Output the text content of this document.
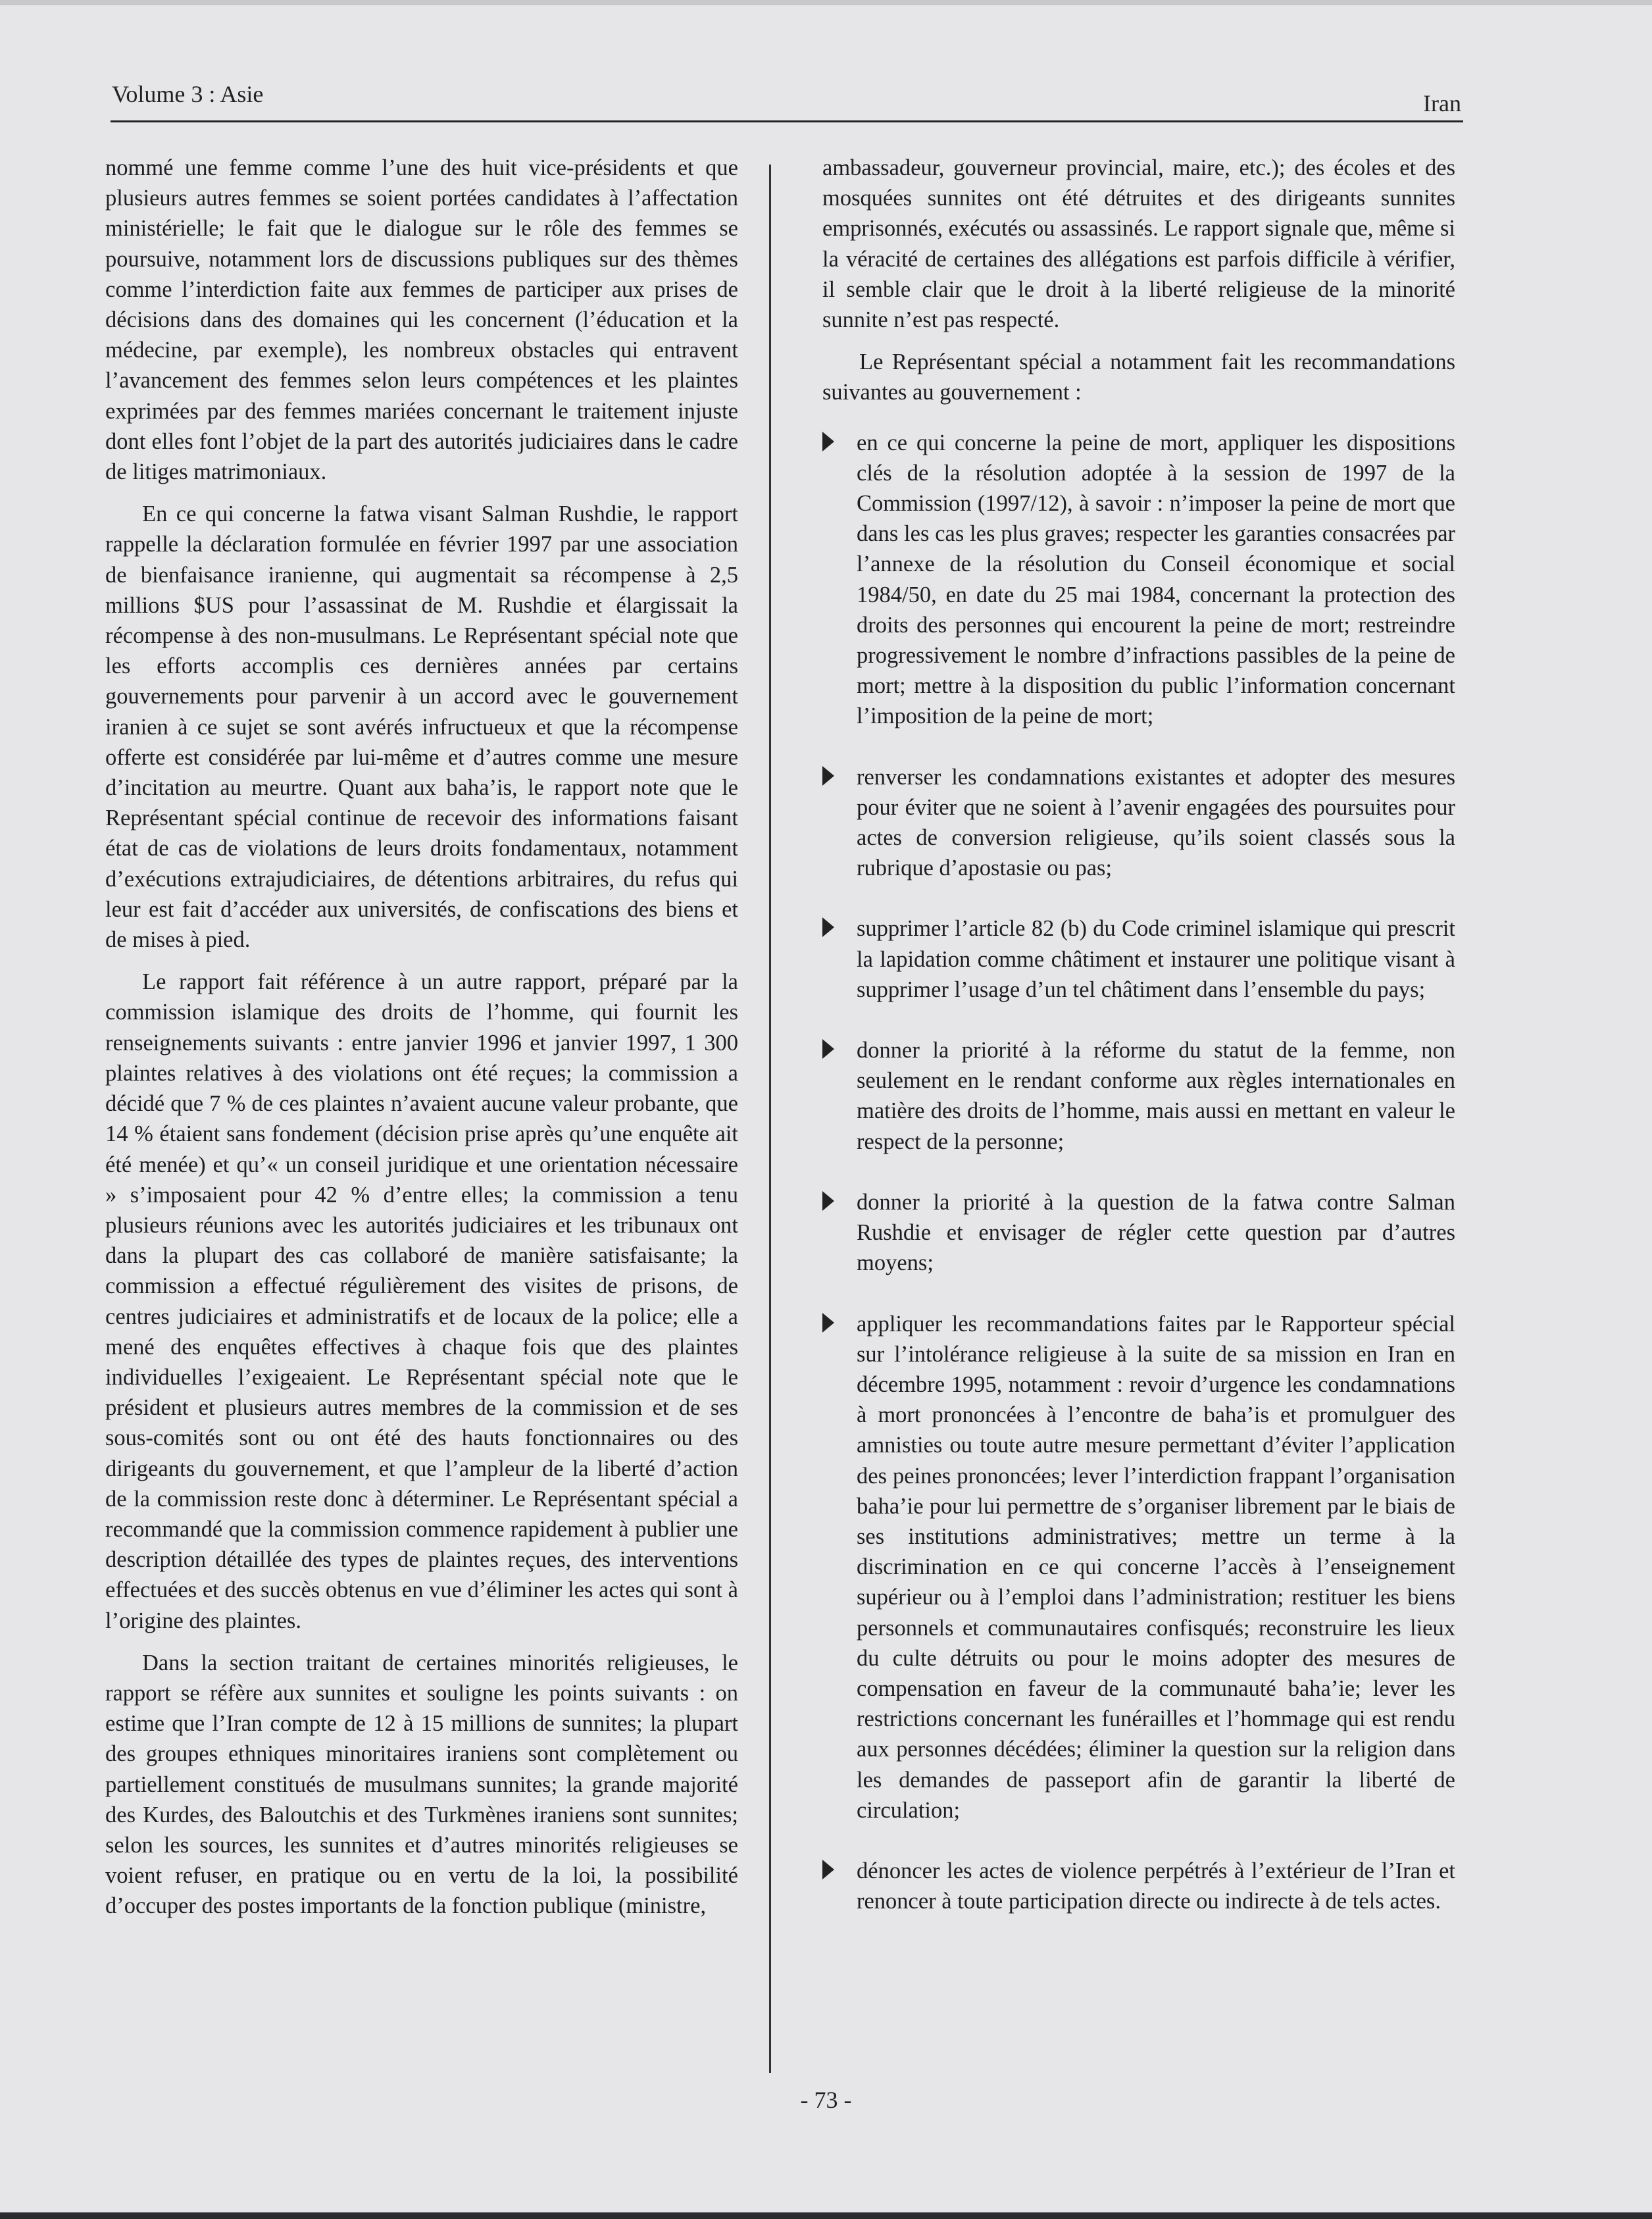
Volume 3 : Asie	Iran

nommé une femme comme l’une des huit vice-présidents et que plusieurs autres femmes se soient portées candidates à l’affectation ministérielle; le fait que le dialogue sur le rôle des femmes se poursuive, notamment lors de discussions publiques sur des thèmes comme l’interdiction faite aux femmes de participer aux prises de décisions dans des domaines qui les concernent (l’éducation et la médecine, par exemple), les nombreux obstacles qui entravent l’avancement des femmes selon leurs compétences et les plaintes exprimées par des femmes mariées concernant le traitement injuste dont elles font l’objet de la part des autorités judiciaires dans le cadre de litiges matrimoniaux.

En ce qui concerne la fatwa visant Salman Rushdie, le rapport rappelle la déclaration formulée en février 1997 par une association de bienfaisance iranienne, qui augmentait sa récompense à 2,5 millions $US pour l’assassinat de M. Rushdie et élargissait la récompense à des non-musulmans. Le Représentant spécial note que les efforts accomplis ces dernières années par certains gouvernements pour parvenir à un accord avec le gouvernement iranien à ce sujet se sont avérés infructueux et que la récompense offerte est considérée par lui-même et d’autres comme une mesure d’incitation au meurtre. Quant aux baha’is, le rapport note que le Représentant spécial continue de recevoir des informations faisant état de cas de violations de leurs droits fondamentaux, notamment d’exécutions extrajudiciaires, de détentions arbitraires, du refus qui leur est fait d’accéder aux universités, de confiscations des biens et de mises à pied.

Le rapport fait référence à un autre rapport, préparé par la commission islamique des droits de l’homme, qui fournit les renseignements suivants : entre janvier 1996 et janvier 1997, 1 300 plaintes relatives à des violations ont été reçues; la commission a décidé que 7 % de ces plaintes n’avaient aucune valeur probante, que 14 % étaient sans fondement (décision prise après qu’une enquête ait été menée) et qu’« un conseil juridique et une orientation nécessaire » s’imposaient pour 42 % d’entre elles; la commission a tenu plusieurs réunions avec les autorités judiciaires et les tribunaux ont dans la plupart des cas collaboré de manière satisfaisante; la commission a effectué régulièrement des visites de prisons, de centres judiciaires et administratifs et de locaux de la police; elle a mené des enquêtes effectives à chaque fois que des plaintes individuelles l’exigeaient. Le Représentant spécial note que le président et plusieurs autres membres de la commission et de ses sous-comités sont ou ont été des hauts fonctionnaires ou des dirigeants du gouvernement, et que l’ampleur de la liberté d’action de la commission reste donc à déterminer. Le Représentant spécial a recommandé que la commission commence rapidement à publier une description détaillée des types de plaintes reçues, des interventions effectuées et des succès obtenus en vue d’éliminer les actes qui sont à l’origine des plaintes.

Dans la section traitant de certaines minorités religieuses, le rapport se réfère aux sunnites et souligne les points suivants : on estime que l’Iran compte de 12 à 15 millions de sunnites; la plupart des groupes ethniques minoritaires iraniens sont complètement ou partiellement constitués de musulmans sunnites; la grande majorité des Kurdes, des Baloutchis et des Turkmènes iraniens sont sunnites; selon les sources, les sunnites et d’autres minorités religieuses se voient refuser, en pratique ou en vertu de la loi, la possibilité d’occuper des postes importants de la fonction publique (ministre,

ambassadeur, gouverneur provincial, maire, etc.); des écoles et des mosquées sunnites ont été détruites et des dirigeants sunnites emprisonnés, exécutés ou assassinés. Le rapport signale que, même si la véracité de certaines des allégations est parfois difficile à vérifier, il semble clair que le droit à la liberté religieuse de la minorité sunnite n’est pas respecté.

Le Représentant spécial a notamment fait les recommandations suivantes au gouvernement :

en ce qui concerne la peine de mort, appliquer les dispositions clés de la résolution adoptée à la session de 1997 de la Commission (1997/12), à savoir : n’imposer la peine de mort que dans les cas les plus graves; respecter les garanties consacrées par l’annexe de la résolution du Conseil économique et social 1984/50, en date du 25 mai 1984, concernant la protection des droits des personnes qui encourent la peine de mort; restreindre progressivement le nombre d’infractions passibles de la peine de mort; mettre à la disposition du public l’information concernant l’imposition de la peine de mort;
renverser les condamnations existantes et adopter des mesures pour éviter que ne soient à l’avenir engagées des poursuites pour actes de conversion religieuse, qu’ils soient classés sous la rubrique d’apostasie ou pas;
supprimer l’article 82 (b) du Code criminel islamique qui prescrit la lapidation comme châtiment et instaurer une politique visant à supprimer l’usage d’un tel châtiment dans l’ensemble du pays;
donner la priorité à la réforme du statut de la femme, non seulement en le rendant conforme aux règles internationales en matière des droits de l’homme, mais aussi en mettant en valeur le respect de la personne;
donner la priorité à la question de la fatwa contre Salman Rushdie et envisager de régler cette question par d’autres moyens;
appliquer les recommandations faites par le Rapporteur spécial sur l’intolérance religieuse à la suite de sa mission en Iran en décembre 1995, notamment : revoir d’urgence les condamnations à mort prononcées à l’encontre de baha’is et promulguer des amnisties ou toute autre mesure permettant d’éviter l’application des peines prononcées; lever l’interdiction frappant l’organisation baha’ie pour lui permettre de s’organiser librement par le biais de ses institutions administratives; mettre un terme à la discrimination en ce qui concerne l’accès à l’enseignement supérieur ou à l’emploi dans l’administration; restituer les biens personnels et communautaires confisqués; reconstruire les lieux du culte détruits ou pour le moins adopter des mesures de compensation en faveur de la communauté baha’ie; lever les restrictions concernant les funérailles et l’hommage qui est rendu aux personnes décédées; éliminer la question sur la religion dans les demandes de passeport afin de garantir la liberté de circulation;
dénoncer les actes de violence perpétrés à l’extérieur de l’Iran et renoncer à toute participation directe ou indirecte à de tels actes.
- 73 -
